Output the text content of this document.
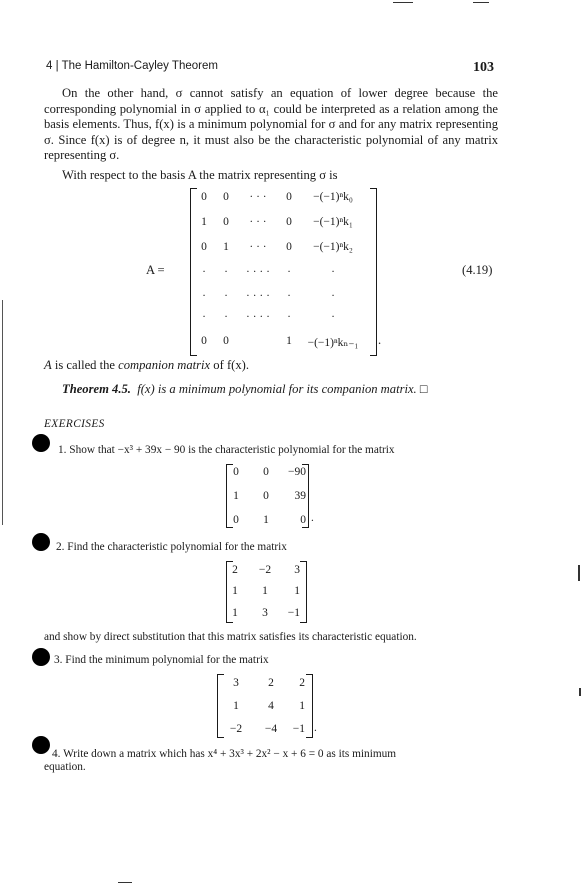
4 | The Hamilton-Cayley Theorem	103
On the other hand, σ cannot satisfy an equation of lower degree because the corresponding polynomial in σ applied to α₁ could be interpreted as a relation among the basis elements. Thus, f(x) is a minimum polynomial for σ and for any matrix representing σ. Since f(x) is of degree n, it must also be the characteristic polynomial of any matrix representing σ.
With respect to the basis A the matrix representing σ is
A =
0 0 · · · 0 −(−1)ⁿk₀
1 0 · · · 0 −(−1)ⁿk₁
0 1 · · · 0 −(−1)ⁿk₂
· · · · · · ·	·
· · · · · · ·	·
· · · · · · ·	·
0 0	1 −(−1)ⁿkₙ₋₁ .
(4.19)
A is called the companion matrix of f(x).
Theorem 4.5. f(x) is a minimum polynomial for its companion matrix. □
EXERCISES
1. Show that −x³ + 39x − 90 is the characteristic polynomial for the matrix
0 0 −90
1 0 39
0 1	0 .
2. Find the characteristic polynomial for the matrix
2 −2 3
1 1 1
1 3 −1
and show by direct substitution that this matrix satisfies its characteristic equation.
3. Find the minimum polynomial for the matrix
3	2 2
1	4 1
−2 −4 −1 .
4. Write down a matrix which has x⁴ + 3x³ + 2x² − x + 6 = 0 as its minimum
equation.
